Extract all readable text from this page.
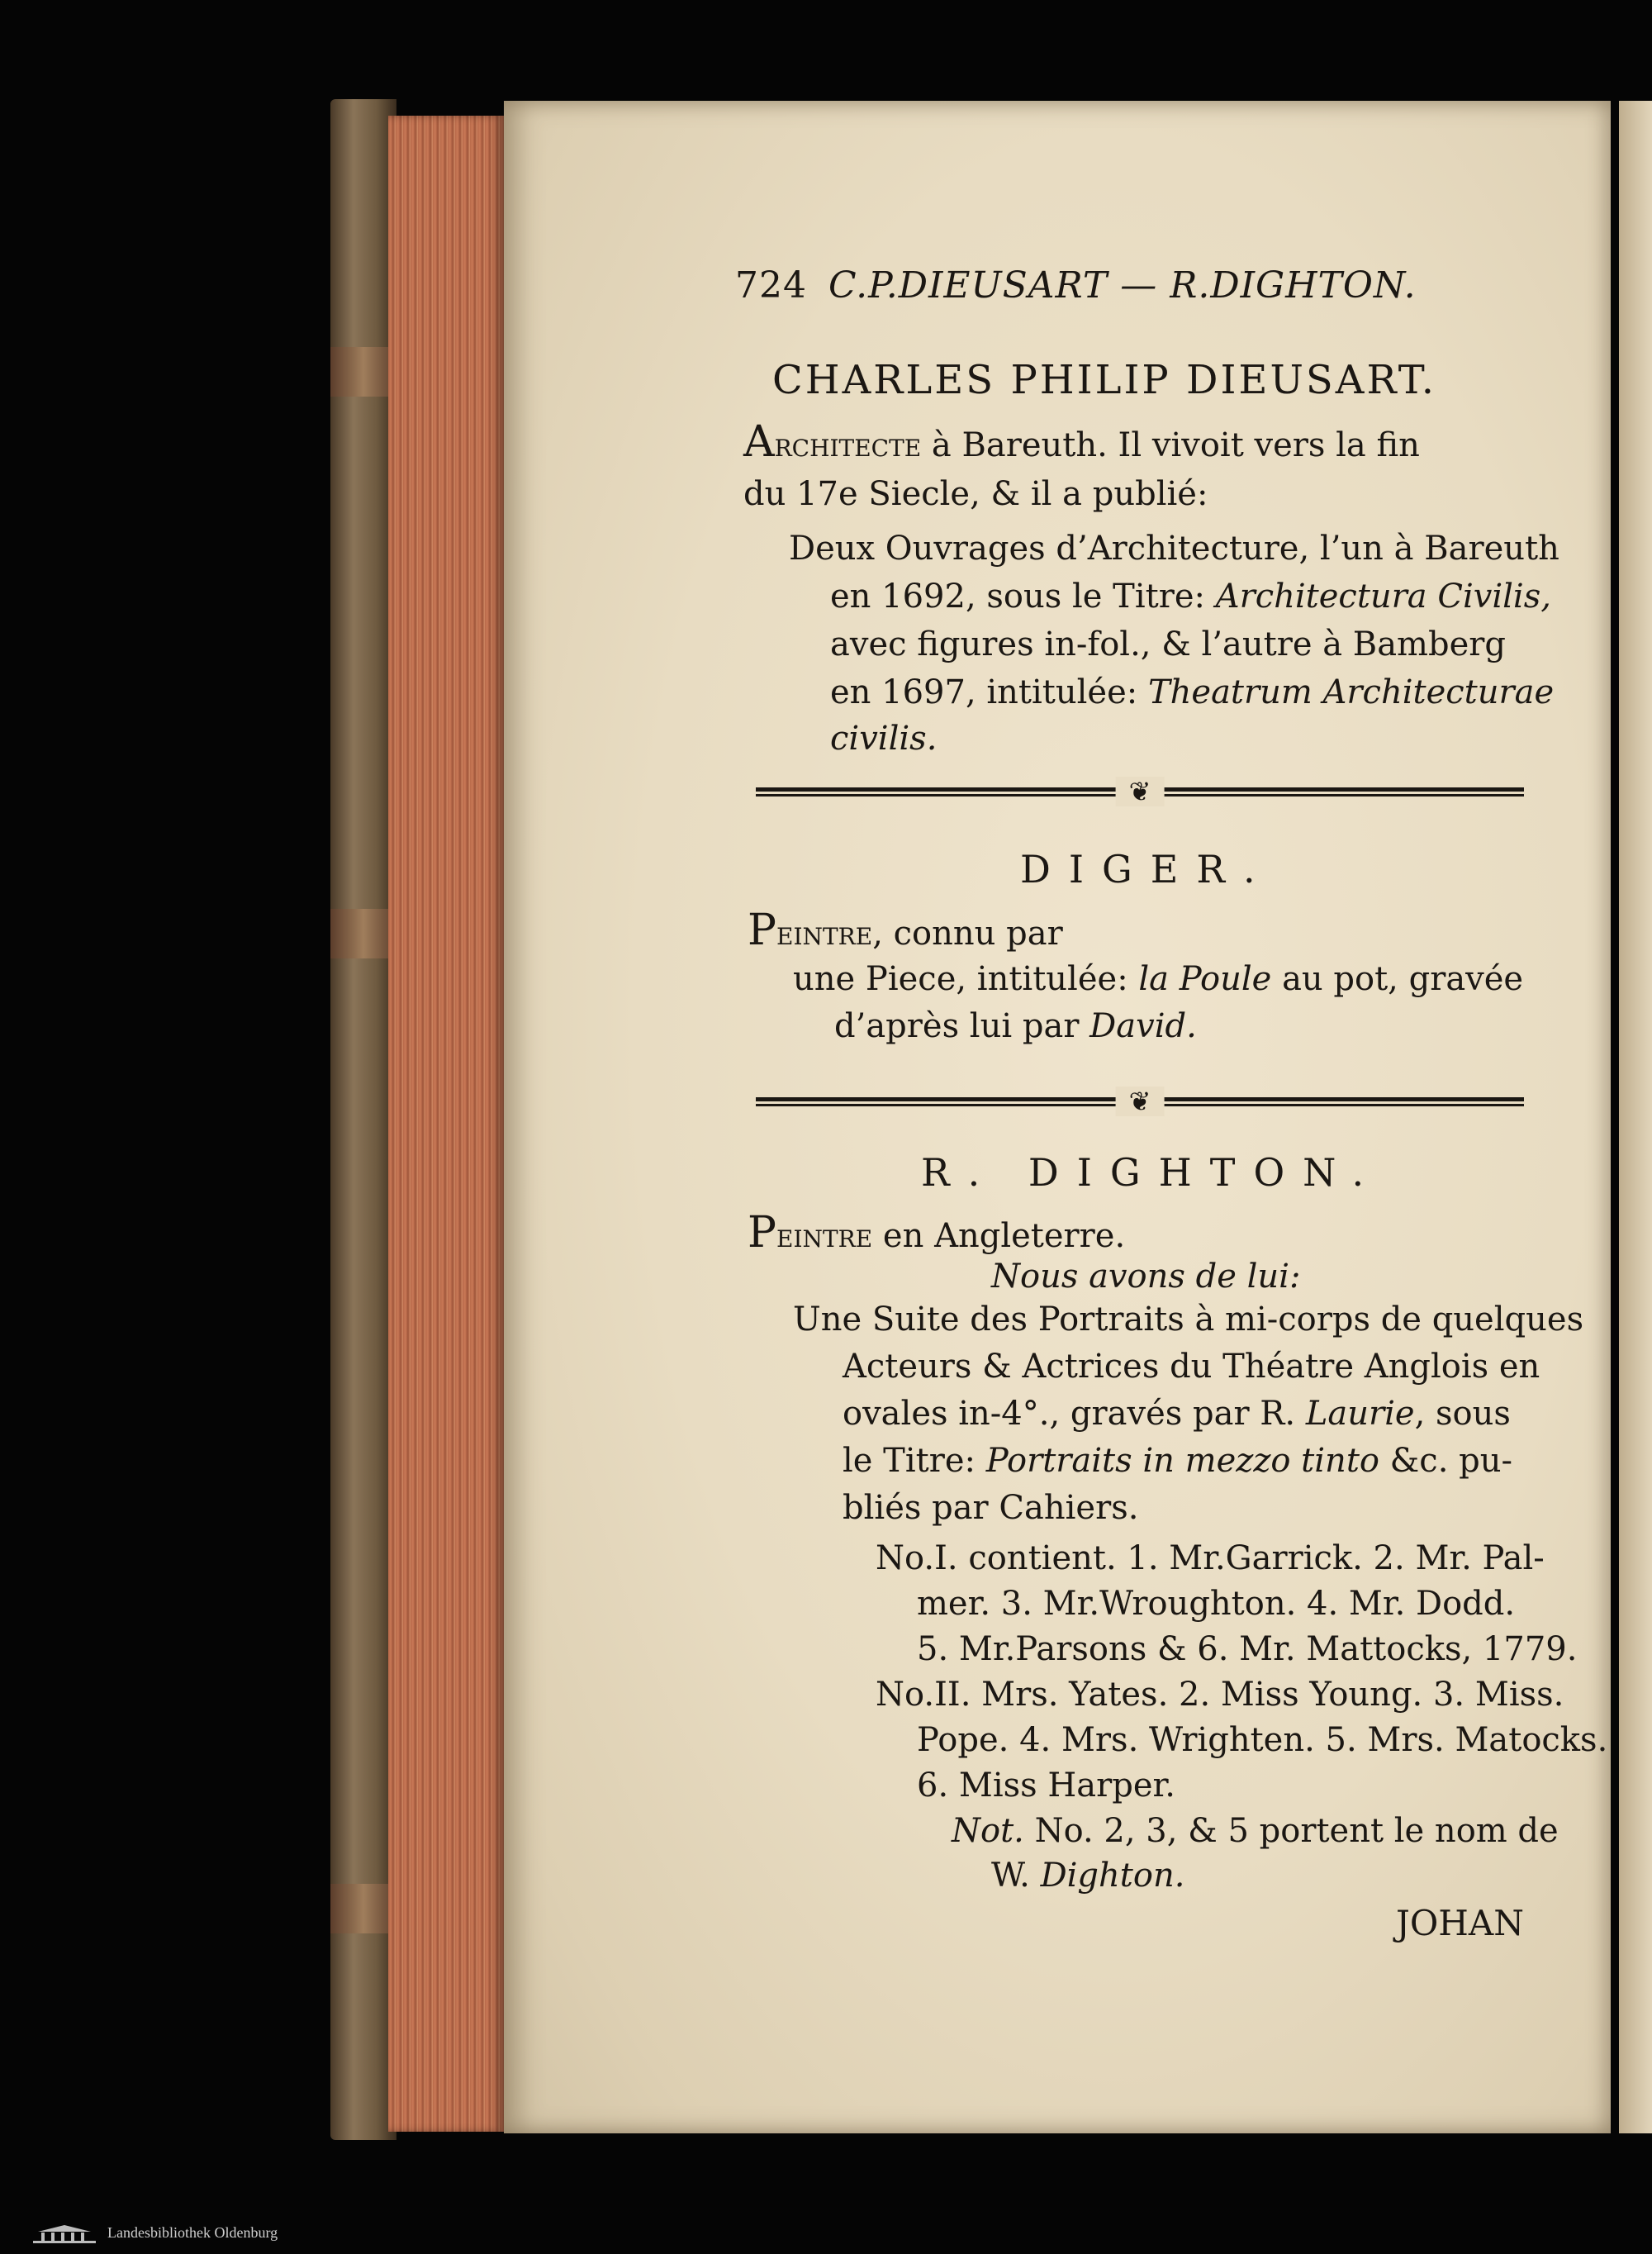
724 C.P.DIEUSART — R.DIGHTON.
CHARLES PHILIP DIEUSART.
Architecte à Bareuth. Il vivoit vers la fin
du 17e Siecle, & il a publié:
Deux Ouvrages d’Architecture, l’un à Bareuth
en 1692, sous le Titre: Architectura Civilis,
avec figures in-fol., & l’autre à Bamberg
en 1697, intitulée: Theatrum Architecturae
civilis.
❦
DIGER.
Peintre, connu par
une Piece, intitulée: la Poule au pot, gravée
d’après lui par David.
❦
R. DIGHTON.
Peintre en Angleterre.
Nous avons de lui:
Une Suite des Portraits à mi-corps de quelques
Acteurs & Actrices du Théatre Anglois en
ovales in-4°., gravés par R. Laurie, sous
le Titre: Portraits in mezzo tinto &c. pu-
bliés par Cahiers.
No.I. contient. 1. Mr.Garrick. 2. Mr. Pal-
mer. 3. Mr.Wroughton. 4. Mr. Dodd.
5. Mr.Parsons & 6. Mr. Mattocks, 1779.
No.II. Mrs. Yates. 2. Miss Young. 3. Miss.
Pope. 4. Mrs. Wrighten. 5. Mrs. Matocks.
6. Miss Harper.
Not. No. 2, 3, & 5 portent le nom de
W. Dighton.
JOHAN
Landesbibliothek Oldenburg
